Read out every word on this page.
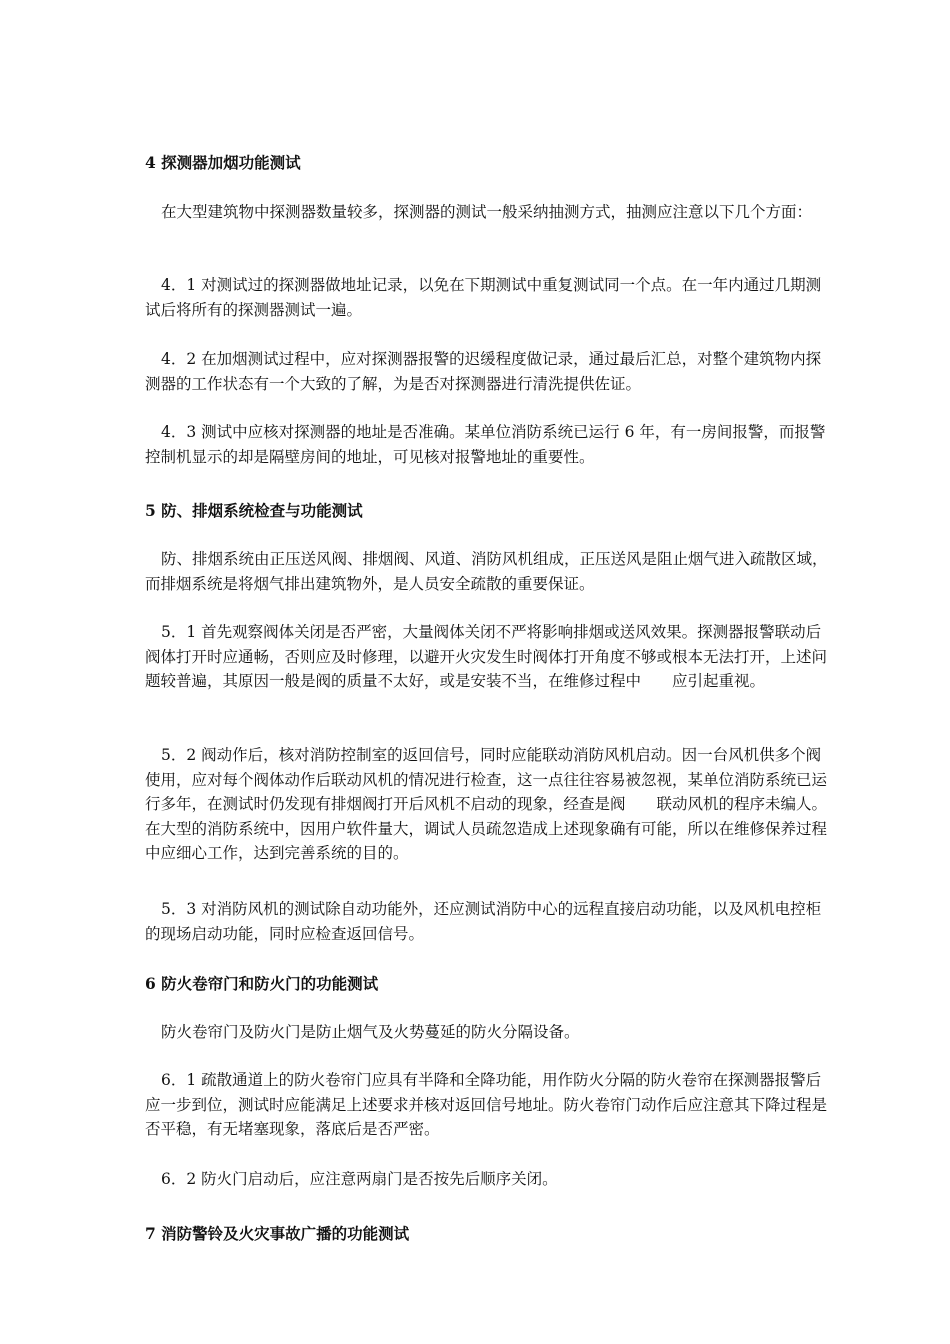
4 探测器加烟功能测试

在大型建筑物中探测器数量较多，探测器的测试一般采纳抽测方式，抽测应注意以下几个方面：

4．1 对测试过的探测器做地址记录，以免在下期测试中重复测试同一个点。在一年内通过几期测试后将所有的探测器测试一遍。

4．2 在加烟测试过程中，应对探测器报警的迟缓程度做记录，通过最后汇总，对整个建筑物内探测器的工作状态有一个大致的了解，为是否对探测器进行清洗提供佐证。

4．3 测试中应核对探测器的地址是否准确。某单位消防系统已运行 6 年，有一房间报警，而报警控制机显示的却是隔壁房间的地址，可见核对报警地址的重要性。

5 防、排烟系统检查与功能测试

防、排烟系统由正压送风阀、排烟阀、风道、消防风机组成，正压送风是阻止烟气进入疏散区域，而排烟系统是将烟气排出建筑物外，是人员安全疏散的重要保证。

5．1 首先观察阀体关闭是否严密，大量阀体关闭不严将影响排烟或送风效果。探测器报警联动后阀体打开时应通畅，否则应及时修理，以避开火灾发生时阀体打开角度不够或根本无法打开，上述问题较普遍，其原因一般是阀的质量不太好，或是安装不当，在维修过程中　　应引起重视。

5．2 阀动作后，核对消防控制室的返回信号，同时应能联动消防风机启动。因一台风机供多个阀使用，应对每个阀体动作后联动风机的情况进行检查，这一点往往容易被忽视，某单位消防系统已运行多年，在测试时仍发现有排烟阀打开后风机不启动的现象，经查是阀　　联动风机的程序未编人。在大型的消防系统中，因用户软件量大，调试人员疏忽造成上述现象确有可能，所以在维修保养过程中应细心工作，达到完善系统的目的。

5．3 对消防风机的测试除自动功能外，还应测试消防中心的远程直接启动功能，以及风机电控柜的现场启动功能，同时应检查返回信号。

6 防火卷帘门和防火门的功能测试

防火卷帘门及防火门是防止烟气及火势蔓延的防火分隔设备。

6．1 疏散通道上的防火卷帘门应具有半降和全降功能，用作防火分隔的防火卷帘在探测器报警后应一步到位，测试时应能满足上述要求并核对返回信号地址。防火卷帘门动作后应注意其下降过程是否平稳，有无堵塞现象，落底后是否严密。

6．2 防火门启动后，应注意两扇门是否按先后顺序关闭。

7 消防警铃及火灾事故广播的功能测试
